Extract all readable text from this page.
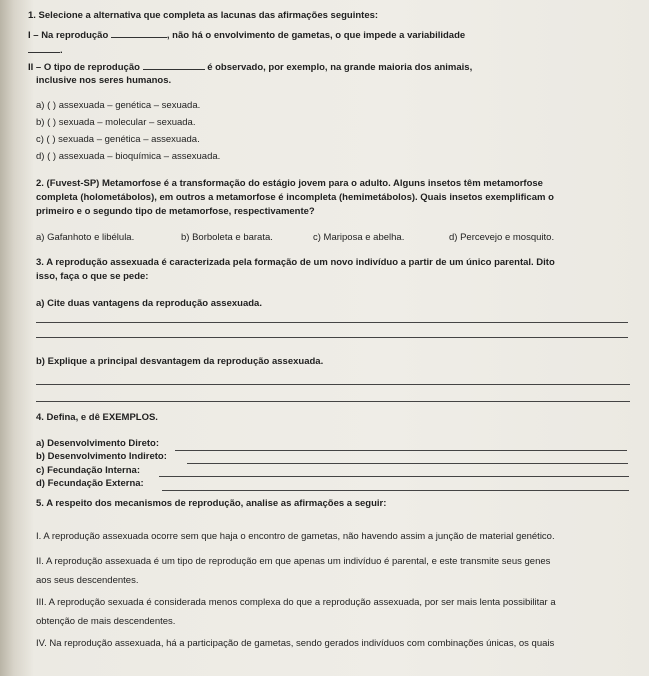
1. Selecione a alternativa que completa as lacunas das afirmações seguintes:
I – Na reprodução	, não há o envolvimento de gametas, o que impede a variabilidade
.
II – O tipo de reprodução	é observado, por exemplo, na grande maioria dos animais,
inclusive nos seres humanos.
a) ( ) assexuada – genética – sexuada.
b) ( ) sexuada – molecular – sexuada.
c) ( ) sexuada – genética – assexuada.
d) ( ) assexuada – bioquímica – assexuada.
2. (Fuvest-SP) Metamorfose é a transformação do estágio jovem para o adulto. Alguns insetos têm metamorfose
completa (holometábolos), em outros a metamorfose é incompleta (hemimetábolos). Quais insetos exemplificam o
primeiro e o segundo tipo de metamorfose, respectivamente?
a) Gafanhoto e libélula.	b) Borboleta e barata.	c) Mariposa e abelha.	d) Percevejo e mosquito.
3. A reprodução assexuada é caracterizada pela formação de um novo indivíduo a partir de um único parental. Dito
isso, faça o que se pede:
a) Cite duas vantagens da reprodução assexuada.
b) Explique a principal desvantagem da reprodução assexuada.
4. Defina, e dê EXEMPLOS.
a) Desenvolvimento Direto:
b) Desenvolvimento Indireto:
c) Fecundação Interna:
d) Fecundação Externa:
5. A respeito dos mecanismos de reprodução, analise as afirmações a seguir:
I. A reprodução assexuada ocorre sem que haja o encontro de gametas, não havendo assim a junção de material genético.
II. A reprodução assexuada é um tipo de reprodução em que apenas um indivíduo é parental, e este transmite seus genes
aos seus descendentes.
III. A reprodução sexuada é considerada menos complexa do que a reprodução assexuada, por ser mais lenta possibilitar a
obtenção de mais descendentes.
IV. Na reprodução assexuada, há a participação de gametas, sendo gerados indivíduos com combinações únicas, os quais
